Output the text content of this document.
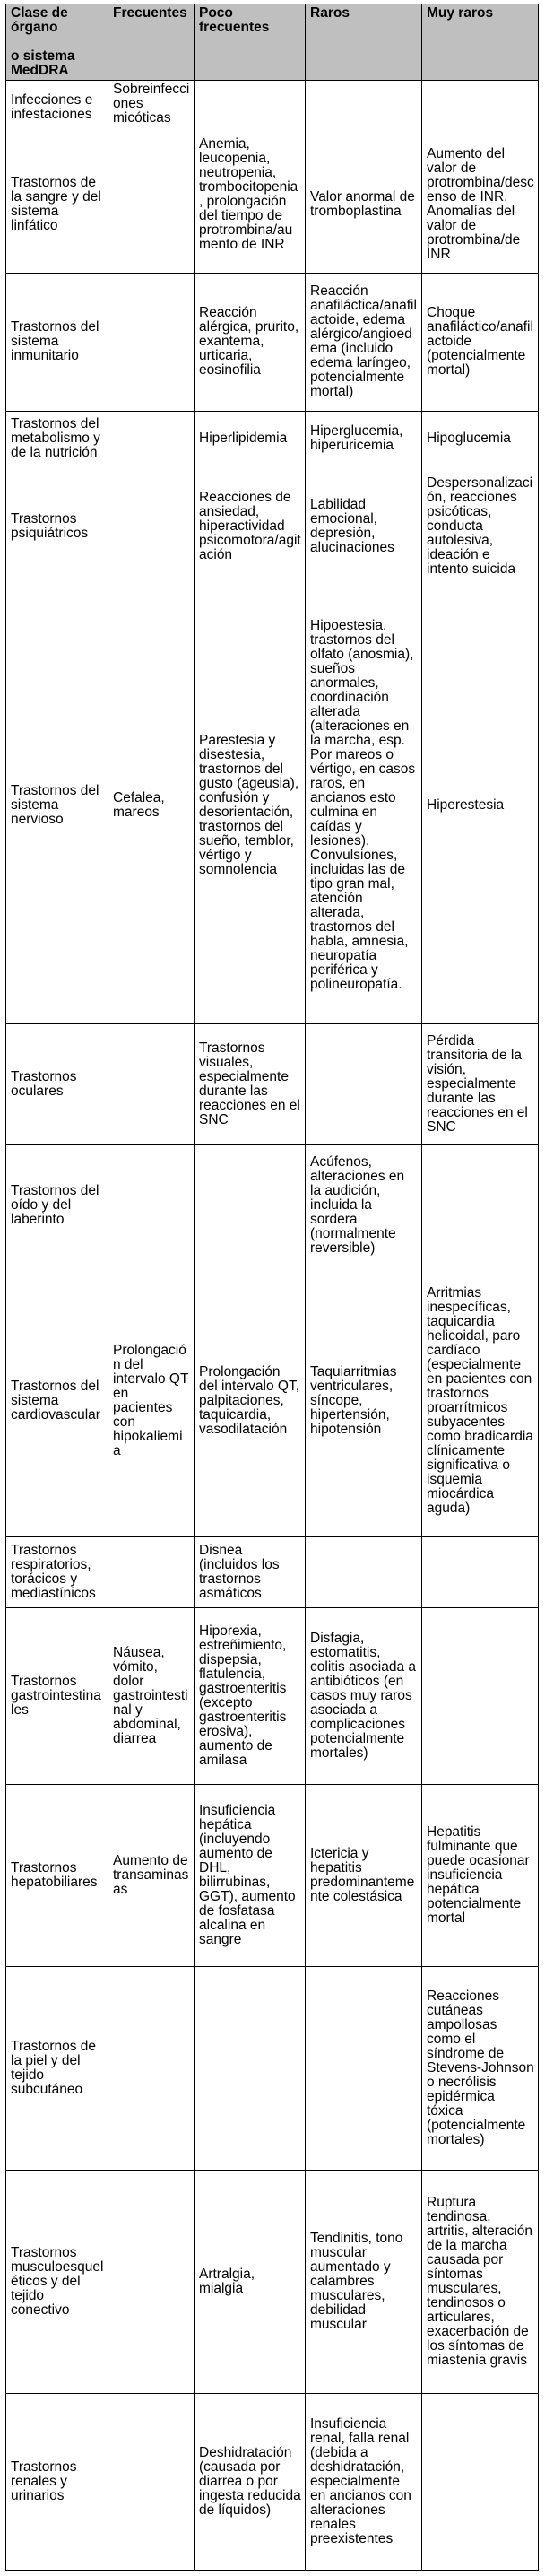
Clase de órgano

o sistema MedDRA	Frecuentes	Poco frecuentes	Raros	Muy raros
Infecciones e infestaciones	Sobreinfecciones micóticas			
Trastornos de la sangre y del sistema linfático		Anemia, leucopenia, neutropenia, trombocitopenia, prolongación del tiempo de protrombina/aumento de INR	Valor anormal de tromboplastina	Aumento del valor de protrombina/descenso de INR. Anomalías del valor de protrombina/de INR
Trastornos del sistema inmunitario		Reacción alérgica, prurito, exantema, urticaria, eosinofilia	Reacción anafiláctica/anafilactoide, edema alérgico/angioedema (incluido edema laríngeo, potencialmente mortal)	Choque anafiláctico/anafilactoide (potencialmente mortal)
Trastornos del metabolismo y de la nutrición		Hiperlipidemia	Hiperglucemia, hiperuricemia	Hipoglucemia
Trastornos psiquiátricos		Reacciones de ansiedad, hiperactividad psicomotora/agitación	Labilidad emocional, depresión, alucinaciones	Despersonalización, reacciones psicóticas, conducta autolesiva, ideación e intento suicida
Trastornos del sistema nervioso	Cefalea, mareos	Parestesia y disestesia, trastornos del gusto (ageusia), confusión y desorientación, trastornos del sueño, temblor, vértigo y somnolencia	Hipoestesia, trastornos del olfato (anosmia), sueños anormales, coordinación alterada (alteraciones en la marcha, esp. Por mareos o vértigo, en casos raros, en ancianos esto culmina en caídas y lesiones). Convulsiones, incluidas las de tipo gran mal, atención alterada, trastornos del habla, amnesia, neuropatía periférica y polineuropatía.	Hiperestesia
Trastornos oculares		Trastornos visuales, especialmente durante las reacciones en el SNC		Pérdida transitoria de la visión, especialmente durante las reacciones en el SNC
Trastornos del oído y del laberinto			Acúfenos, alteraciones en la audición, incluida la sordera (normalmente reversible)	
Trastornos del sistema cardiovascular	Prolongación del intervalo QT en pacientes con hipokaliemia	Prolongación del intervalo QT, palpitaciones, taquicardia, vasodilatación	Taquiarritmias ventriculares, síncope, hipertensión, hipotensión	Arritmias inespecíficas, taquicardia helicoidal, paro cardíaco (especialmente en pacientes con trastornos proarrítmicos subyacentes como bradicardia clínicamente significativa o isquemia miocárdica aguda)
Trastornos respiratorios, torácicos y mediastínicos		Disnea (incluidos los trastornos asmáticos		
Trastornos gastrointestinales	Náusea, vómito, dolor gastrointestinal y abdominal, diarrea	Hiporexia, estreñimiento, dispepsia, flatulencia, gastroenteritis (excepto gastroenteritis erosiva), aumento de amilasa	Disfagia, estomatitis, colitis asociada a antibióticos (en casos muy raros asociada a complicaciones potencialmente mortales)	
Trastornos hepatobiliares	Aumento de transaminasas	Insuficiencia hepática (incluyendo aumento de DHL, bilirrubinas, GGT), aumento de fosfatasa alcalina en sangre	Ictericia y hepatitis predominantemente colestásica	Hepatitis fulminante que puede ocasionar insuficiencia hepática potencialmente mortal
Trastornos de la piel y del tejido subcutáneo				Reacciones cutáneas ampollosas como el síndrome de Stevens-Johnson o necrólisis epidérmica tóxica (potencialmente mortales)
Trastornos musculoesqueléticos y del tejido conectivo		Artralgia, mialgia	Tendinitis, tono muscular aumentado y calambres musculares, debilidad muscular	Ruptura tendinosa, artritis, alteración de la marcha causada por síntomas musculares, tendinosos o articulares, exacerbación de los síntomas de miastenia gravis
Trastornos renales y urinarios		Deshidratación (causada por diarrea o por ingesta reducida de líquidos)	Insuficiencia renal, falla renal (debida a deshidratación, especialmente en ancianos con alteraciones renales preexistentes	
